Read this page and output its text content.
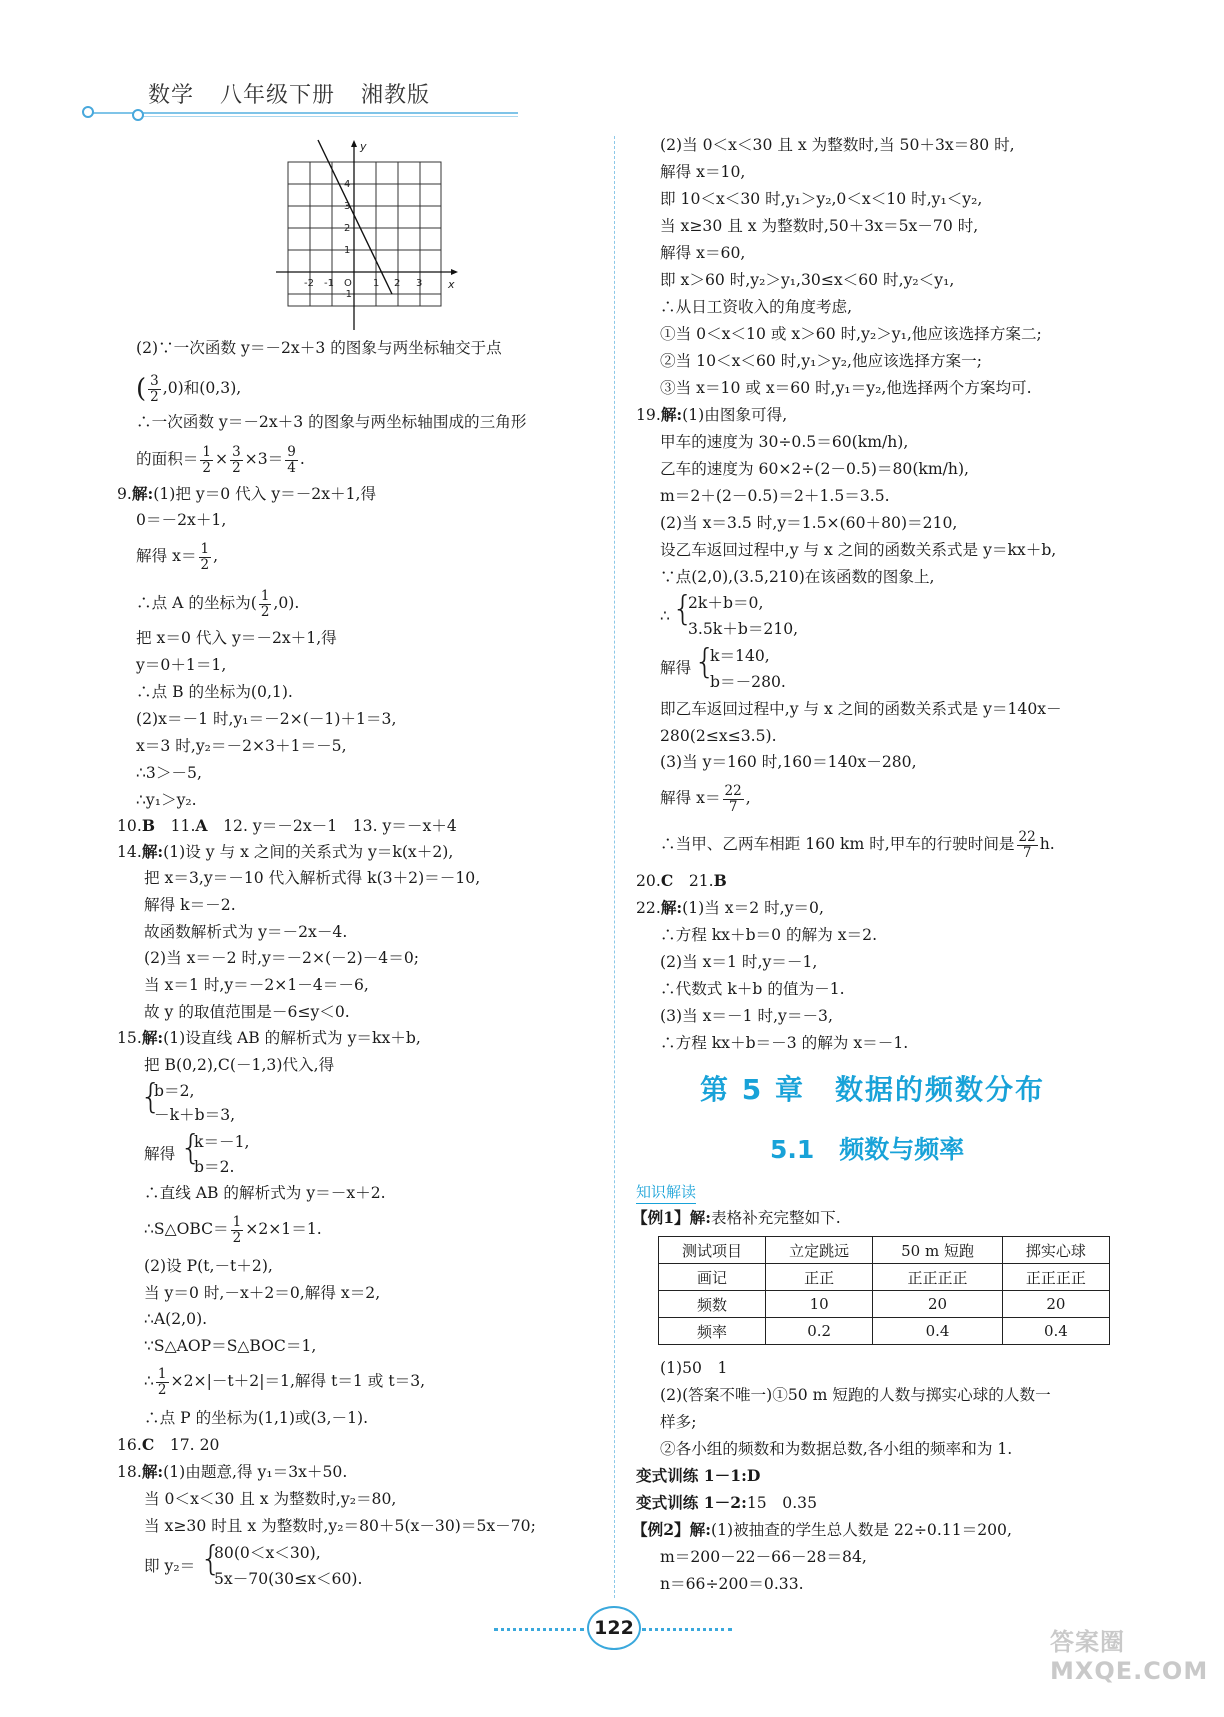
数学 八年级下册 湘教版
y
x
4
3
2
1
-1
-2 -1 O 1 2 3
(2)∵一次函数 y＝－2x＋3 的图象与两坐标轴交于点
( $\frac{3}{2} ,0$)和(0,3),
∴一次函数 y＝－2x＋3 的图象与两坐标轴围成的三角形
的面积＝ $\frac{1}{2} \times \frac{3}{2} \times 3= \frac{9}{4}$ .
9.解:(1)把 y＝0 代入 y＝－2x＋1,得
0＝－2x＋1,
解得 $x= \frac{1}{2}$ ,
∴点 A 的坐标为( $\frac{1}{2} ,0$).
把 x＝0 代入 y＝－2x＋1,得
y＝0＋1＝1,
∴点 B 的坐标为(0,1).
(2)x＝－1 时,y₁＝－2×(－1)＋1＝3,
x＝3 时,y₂＝－2×3＋1＝－5,
∴3＞－5,
∴y₁＞y₂.
10.B　 11.A　 12. y＝－2x－1　 13. y＝－x＋4
14.解:(1)设 y 与 x 之间的关系式为 y＝k(x＋2),
把 x＝3,y＝－10 代入解析式得 k(3＋2)＝－10,
解得 k＝－2.
故函数解析式为 y＝－2x－4.
(2)当 x＝－2 时,y＝－2×(－2)－4＝0;
当 x＝1 时,y＝－2×1－4＝－6,
故 y 的取值范围是－6≤y＜0.
15.解:(1)设直线 AB 的解析式为 y＝kx＋b,
把 B(0,2),C(－1,3)代入,得
{
b＝2,
－k＋b＝3,
解得 {
k＝－1,
b＝2.
∴直线 AB 的解析式为 y＝－x＋2.
∴S△OBC＝ $\frac{1}{2} \times 2\times 1=1$.
(2)设 P(t,－t＋2),
当 y＝0 时,－x＋2＝0,解得 x＝2,
∴A(2,0).
∵S△AOP＝S△BOC＝1,
∴ $\frac{1}{2} \times 2\times|-t+2|=1$,解得 t＝1 或 t＝3,
∴点 P 的坐标为(1,1)或(3,－1).
16.C　 17. 20
18.解:(1)由题意,得 y₁＝3x＋50.
当 0＜x＜30 且 x 为整数时,y₂＝80,
当 x≥30 时且 x 为整数时,y₂＝80＋5(x－30)＝5x－70;
即 y₂＝ {
80(0＜x＜30),
5x－70(30≤x＜60).
(2)当 0＜x＜30 且 x 为整数时,当 50＋3x＝80 时,
解得 x＝10,
即 10＜x＜30 时,y₁＞y₂,0＜x＜10 时,y₁＜y₂,
当 x≥30 且 x 为整数时,50＋3x＝5x－70 时,
解得 x＝60,
即 x＞60 时,y₂＞y₁,30≤x＜60 时,y₂＜y₁,
∴从日工资收入的角度考虑,
①当 0＜x＜10 或 x＞60 时,y₂＞y₁,他应该选择方案二;
②当 10＜x＜60 时,y₁＞y₂,他应该选择方案一;
③当 x＝10 或 x＝60 时,y₁＝y₂,他选择两个方案均可.
19.解:(1)由图象可得,
甲车的速度为 30÷0.5＝60(km/h),
乙车的速度为 60×2÷(2－0.5)＝80(km/h),
m＝2＋(2－0.5)＝2＋1.5＝3.5.
(2)当 x＝3.5 时,y＝1.5×(60＋80)＝210,
设乙车返回过程中,y 与 x 之间的函数关系式是 y＝kx＋b,
∵点(2,0),(3.5,210)在该函数的图象上,
∴ {
2k＋b＝0,
3.5k＋b＝210,
解得 {
k＝140,
b＝－280.
即乙车返回过程中,y 与 x 之间的函数关系式是 y＝140x－
280(2≤x≤3.5).
(3)当 y＝160 时,160＝140x－280,
解得 $x= \frac{22}{7}$ ,
∴当甲、乙两车相距 160 km 时,甲车的行驶时间是 $\frac{22}{7} h$.
20.C　 21.B
22.解:(1)当 x＝2 时,y＝0,
∴方程 kx＋b＝0 的解为 x＝2.
(2)当 x＝1 时,y＝－1,
∴代数式 k＋b 的值为－1.
(3)当 x＝－1 时,y＝－3,
∴方程 kx＋b＝－3 的解为 x＝－1.
第 5 章　数据的频数分布
5.1　频数与频率
知识解读
【例1】解:表格补充完整如下.
测试项目	立定跳远	50 m 短跑	掷实心球
画记	正正	正正正正	正正正正
频数	10	20	20
频率	0.2	0.4	0.4
(1)50　1
(2)(答案不唯一)①50 m 短跑的人数与掷实心球的人数一
样多;
②各小组的频数和为数据总数,各小组的频率和为 1.
变式训练 1－1:D
变式训练 1－2:15　0.35
【例2】解:(1)被抽查的学生总人数是 22÷0.11＝200,
m＝200－22－66－28＝84,
n＝66÷200＝0.33.
122	答案圈 MXQE.COM
